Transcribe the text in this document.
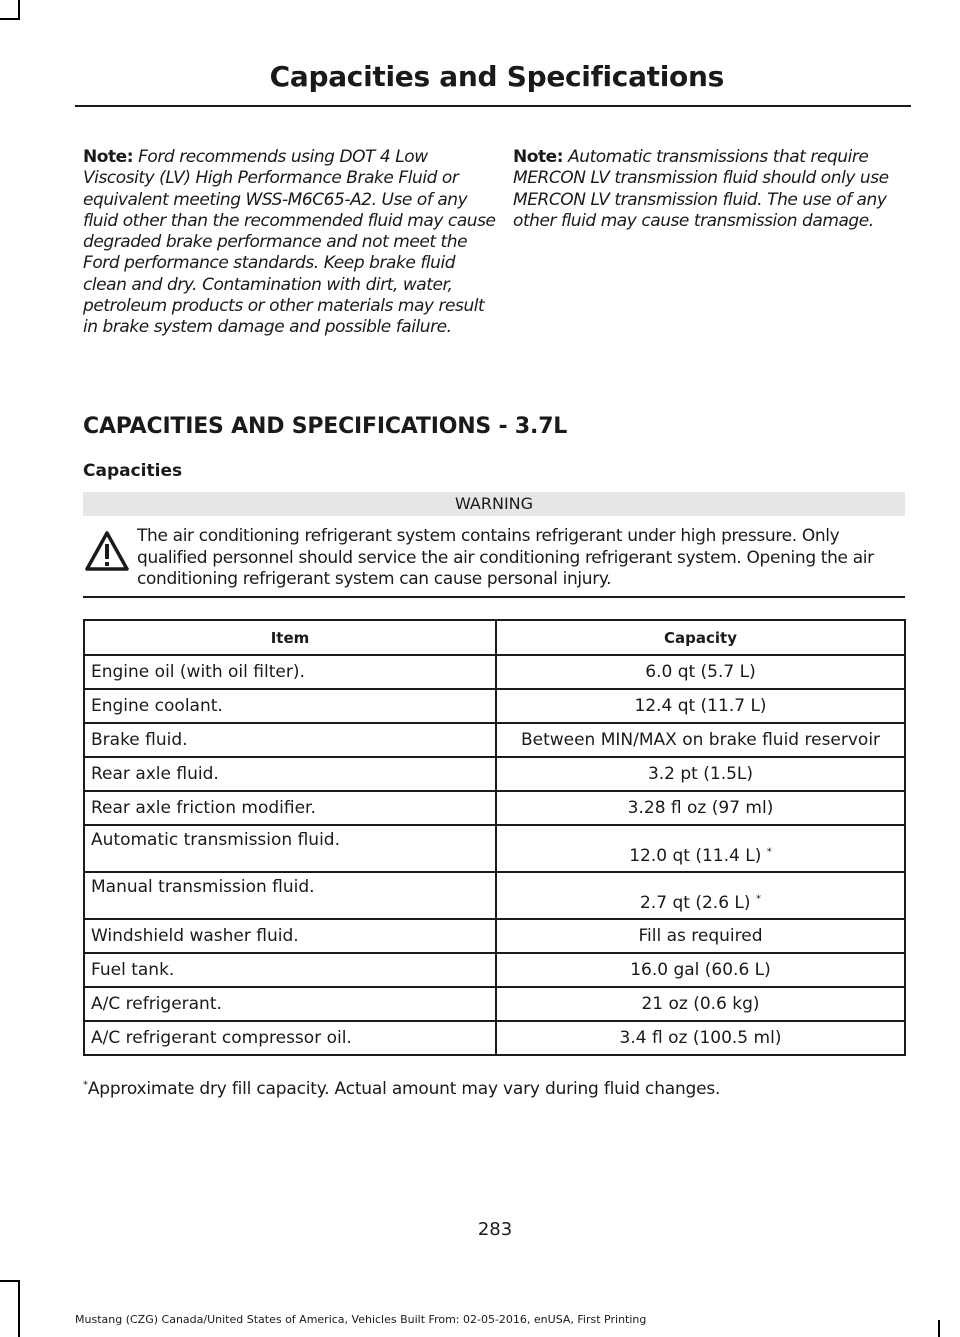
Capacities and Specifications
Note: Ford recommends using DOT 4 Low Viscosity (LV) High Performance Brake Fluid or equivalent meeting WSS-M6C65-A2. Use of any fluid other than the recommended fluid may cause degraded brake performance and not meet the Ford performance standards. Keep brake fluid clean and dry. Contamination with dirt, water, petroleum products or other materials may result in brake system damage and possible failure.
Note: Automatic transmissions that require MERCON LV transmission fluid should only use MERCON LV transmission fluid. The use of any other fluid may cause transmission damage.
CAPACITIES AND SPECIFICATIONS - 3.7L
Capacities
WARNING
The air conditioning refrigerant system contains refrigerant under high pressure. Only qualified personnel should service the air conditioning refrigerant system. Opening the air conditioning refrigerant system can cause personal injury.
Item	Capacity
Engine oil (with oil filter).	6.0 qt (5.7 L)
Engine coolant.	12.4 qt (11.7 L)
Brake fluid.	Between MIN/MAX on brake fluid reservoir
Rear axle fluid.	3.2 pt (1.5L)
Rear axle friction modifier.	3.28 fl oz (97 ml)
Automatic transmission fluid.	12.0 qt (11.4 L) *
Manual transmission fluid.	2.7 qt (2.6 L) *
Windshield washer fluid.	Fill as required
Fuel tank.	16.0 gal (60.6 L)
A/C refrigerant.	21 oz (0.6 kg)
A/C refrigerant compressor oil.	3.4 fl oz (100.5 ml)
*Approximate dry fill capacity. Actual amount may vary during fluid changes.
283
Mustang (CZG) Canada/United States of America, Vehicles Built From: 02-05-2016, enUSA, First Printing
